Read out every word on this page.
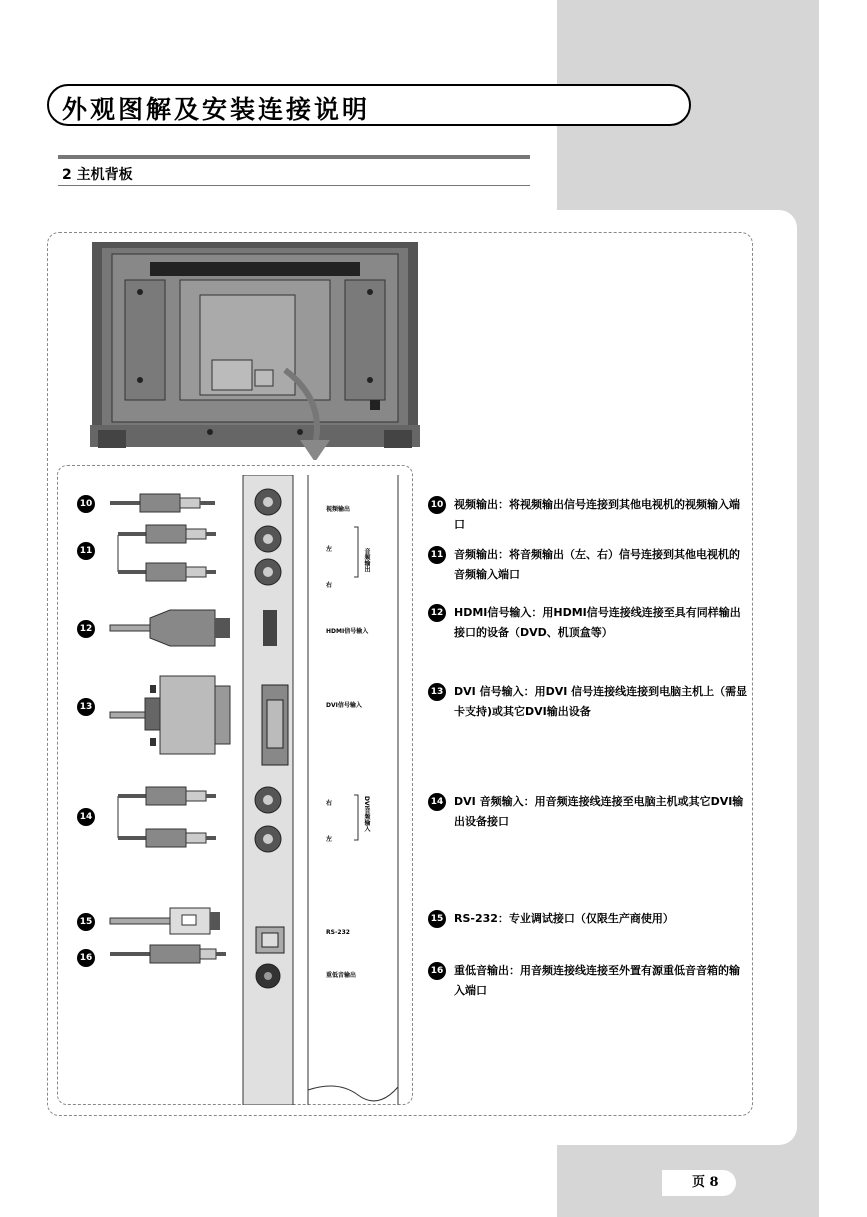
外观图解及安装连接说明
2 主机背板
10
11
12
13
14
15
16
视频输出
左
右
音频输出
HDMI信号输入
DVI信号输入
右
左
DVI音频输入
RS-232
重低音输出
10 视频输出：将视频输出信号连接到其他电视机的视频输入端口
11 音频输出：将音频输出（左、右）信号连接到其他电视机的音频输入端口
12 HDMI信号输入：用HDMI信号连接线连接至具有同样输出接口的设备（DVD、机顶盒等）
13 DVI 信号输入：用DVI 信号连接线连接到电脑主机上（需显卡支持)或其它DVI输出设备
14 DVI 音频输入：用音频连接线连接至电脑主机或其它DVI输出设备接口
15 RS-232：专业调试接口（仅限生产商使用）
16 重低音输出：用音频连接线连接至外置有源重低音音箱的输入端口
页 8
